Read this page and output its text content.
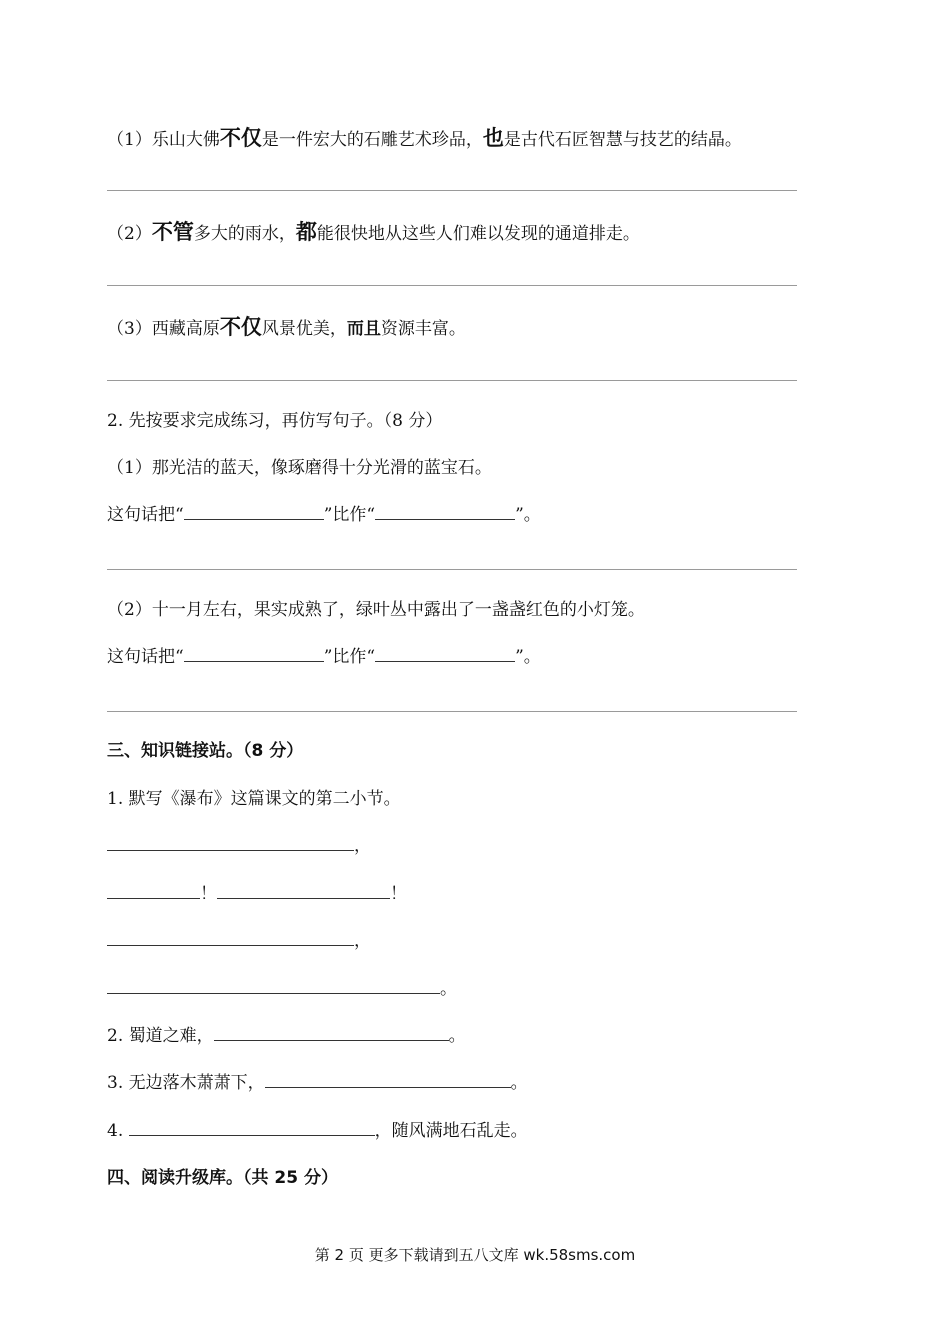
（1）乐山大佛不仅是一件宏大的石雕艺术珍品，也是古代石匠智慧与技艺的结晶。
（2）不管多大的雨水，都能很快地从这些人们难以发现的通道排走。
（3）西藏高原不仅风景优美，而且资源丰富。
2. 先按要求完成练习，再仿写句子。（8 分）
（1）那光洁的蓝天，像琢磨得十分光滑的蓝宝石。
这句话把“	”比作“	”。
（2）十一月左右，果实成熟了，绿叶丛中露出了一盏盏红色的小灯笼。
这句话把“	”比作“	”。
三、知识链接站。（8 分）
1. 默写《瀑布》这篇课文的第二小节。
，
！	！
，
。
2. 蜀道之难，	。
3. 无边落木萧萧下，	。
4.	，随风满地石乱走。
四、阅读升级库。（共 25 分）
第 2 页 更多下载请到五八文库 wk.58sms.com
